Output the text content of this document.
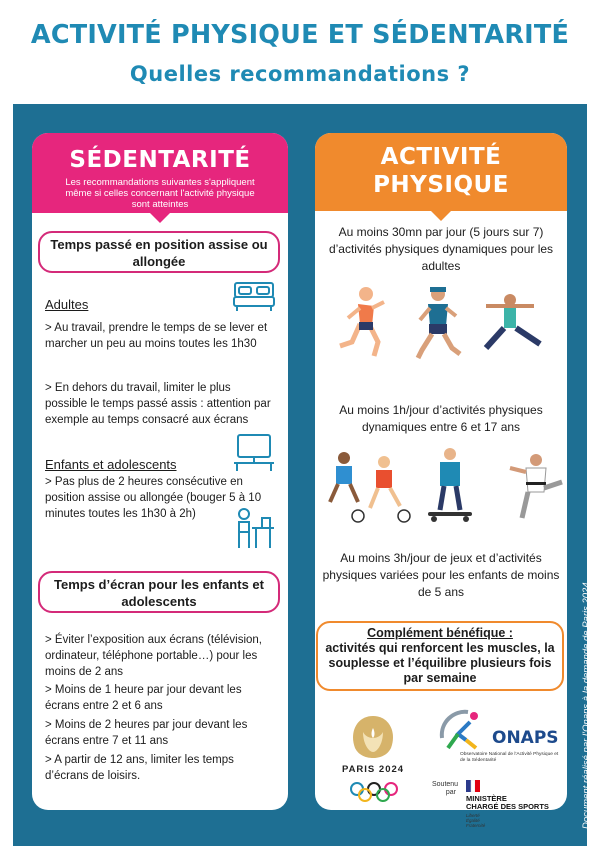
ACTIVITÉ PHYSIQUE ET SÉDENTARITÉ
Quelles recommandations ?
SÉDENTARITÉ
Les recommandations suivantes s'appliquent même si celles concernant l'activité physique sont atteintes
ACTIVITÉ
PHYSIQUE
Temps passé en position assise ou allongée
Adultes
> Au travail, prendre le temps de se lever et marcher un peu au moins toutes les 1h30
> En dehors du travail, limiter le plus possible le temps passé assis : attention par exemple au temps consacré aux écrans
Enfants et adolescents
> Pas plus de 2 heures consécutive en position assise ou allongée (bouger 5 à 10 minutes toutes les 1h30 à 2h)
Temps d’écran pour les enfants et adolescents
> Éviter l’exposition aux écrans (télévision, ordinateur, téléphone portable…) pour les moins de 2 ans
> Moins de 1 heure par jour devant les écrans entre 2 et 6 ans
> Moins de 2 heures par jour devant les écrans entre 7 et 11 ans
> A partir de 12 ans, limiter les temps d’écrans de loisirs.
Au moins 30mn par jour (5 jours sur 7) d’activités physiques dynamiques pour les adultes
Au moins 1h/jour d’activités physiques dynamiques entre 6 et 17 ans
Au moins 3h/jour de jeux et d’activités physiques variées pour les enfants de moins de 5 ans
Complément bénéfique :
activités qui renforcent les muscles, la souplesse et l’équilibre plusieurs fois par semaine
PARIS 2024
ONAPS
Observatoire National de l'Activité Physique et de la Sédentarité
Soutenu par
MINISTÈRE
CHARGÉ DES SPORTS
Liberté
Égalité
Fraternité	Document réalisé par l’Onaps à la demande de Paris 2024
